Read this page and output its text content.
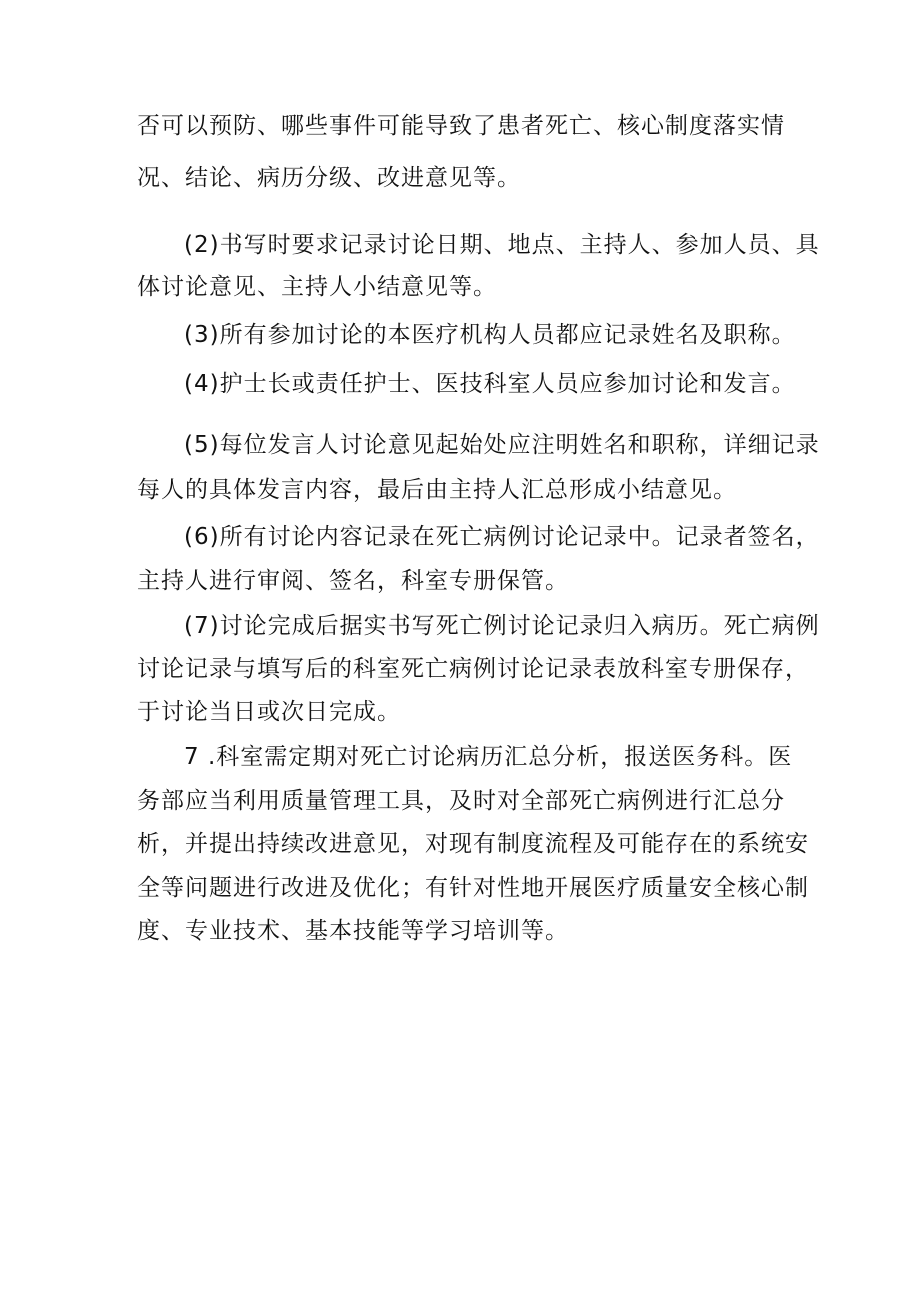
否可以预防、哪些事件可能导致了患者死亡、核心制度落实情
况、结论、病历分级、改进意见等。
(2)书写时要求记录讨论日期、地点、主持人、参加人员、具
体讨论意见、主持人小结意见等。
(3)所有参加讨论的本医疗机构人员都应记录姓名及职称。
(4)护士长或责任护士、医技科室人员应参加讨论和发言。
(5)每位发言人讨论意见起始处应注明姓名和职称，详细记录
每人的具体发言内容，最后由主持人汇总形成小结意见。
(6)所有讨论内容记录在死亡病例讨论记录中。记录者签名，
主持人进行审阅、签名，科室专册保管。
(7)讨论完成后据实书写死亡例讨论记录归入病历。死亡病例
讨论记录与填写后的科室死亡病例讨论记录表放科室专册保存，
于讨论当日或次日完成。
7 .科室需定期对死亡讨论病历汇总分析，报送医务科。医
务部应当利用质量管理工具，及时对全部死亡病例进行汇总分
析，并提出持续改进意见，对现有制度流程及可能存在的系统安
全等问题进行改进及优化；有针对性地开展医疗质量安全核心制
度、专业技术、基本技能等学习培训等。
